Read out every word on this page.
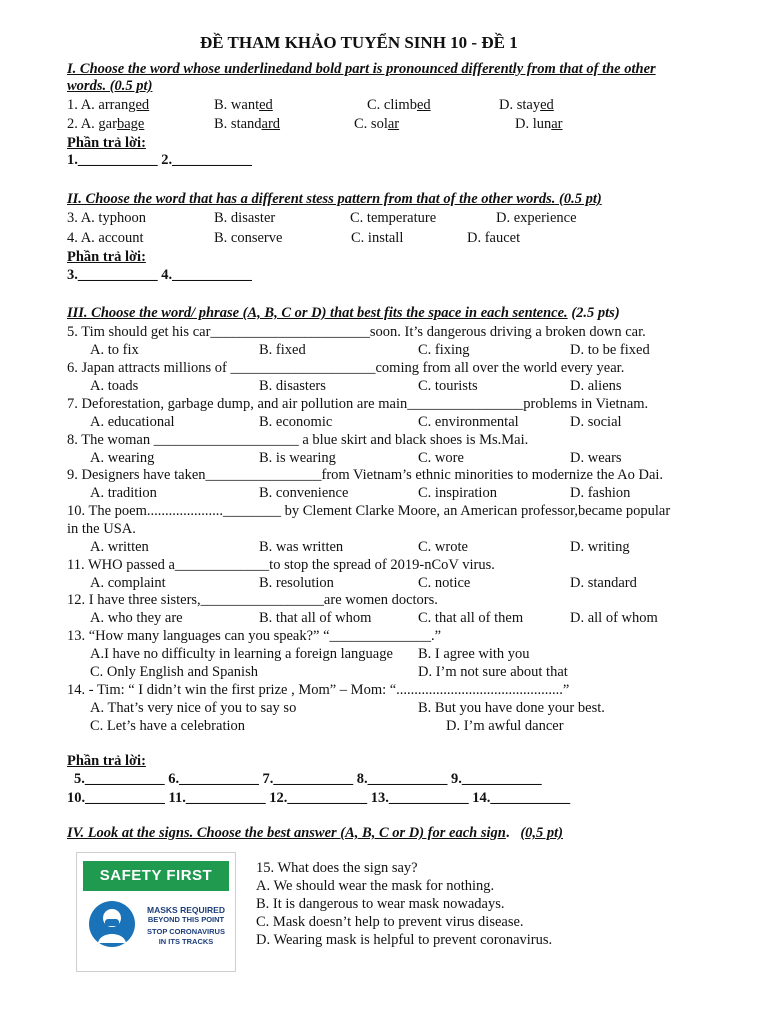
ĐỀ THAM KHẢO TUYỂN SINH 10 - ĐỀ 1
I. Choose the word whose underlinedand bold part is pronounced differently from that of the other
words. (0.5 pt)
1. A. arranged	B. wanted	C. climbed	D. stayed
2. A. garbage	B. standard	C. solar	D. lunar
Phần trả lời:
1.___________ 2.___________
II. Choose the word that has a different stess pattern from that of the other words. (0.5 pt)
3. A. typhoon	B. disaster	C. temperature	D. experience
4. A. account	B. conserve	C. install	D. faucet
Phần trả lời:
3.___________ 4.___________
III. Choose the word/ phrase (A, B, C or D) that best fits the space in each sentence. (2.5 pts)
5. Tim should get his car______________________soon. It’s dangerous driving a broken down car.
A. to fix	B. fixed	C. fixing	D. to be fixed
6. Japan attracts millions of ____________________coming from all over the world every year.
A. toads	B. disasters	C. tourists	D. aliens
7. Deforestation, garbage dump, and air pollution are main________________problems in Vietnam.
A. educational	B. economic	C. environmental	D. social
8. The woman ____________________ a blue skirt and black shoes is Ms.Mai.
A. wearing	B. is wearing	C. wore	D. wears
9. Designers have taken________________from Vietnam’s ethnic minorities to modernize the Ao Dai.
A. tradition	B. convenience	C. inspiration	D. fashion
10. The poem.....................________ by Clement Clarke Moore, an American professor,became popular
in the USA.
A. written	B. was written	C. wrote	D. writing
11. WHO passed a_____________to stop the spread of 2019-nCoV virus.
A. complaint	B. resolution	C. notice	D. standard
12. I have three sisters,_________________are women doctors.
A. who they are	B. that all of whom	C. that all of them	D. all of whom
13. “How many languages can you speak?” “______________.”
A.I have no difficulty in learning a foreign language B. I agree with you
C. Only English and Spanish	D. I’m not sure about that
14. - Tim: “ I didn’t win the first prize , Mom” – Mom: “..............................................”
A. That’s very nice of you to say so	B. But you have done your best.
C. Let’s have a celebration	D. I’m awful dancer
Phần trả lời:
5.___________ 6.___________ 7.___________ 8.___________ 9.___________
10.___________ 11.___________ 12.___________ 13.___________ 14.___________
IV. Look at the signs. Choose the best answer (A, B, C or D) for each sign. (0,5 pt)
SAFETY FIRST
MASKS REQUIRED
BEYOND THIS POINT
STOP CORONAVIRUS
IN ITS TRACKS
15. What does the sign say?
A. We should wear the mask for nothing.
B. It is dangerous to wear mask nowadays.
C. Mask doesn’t help to prevent virus disease.
D. Wearing mask is helpful to prevent coronavirus.
